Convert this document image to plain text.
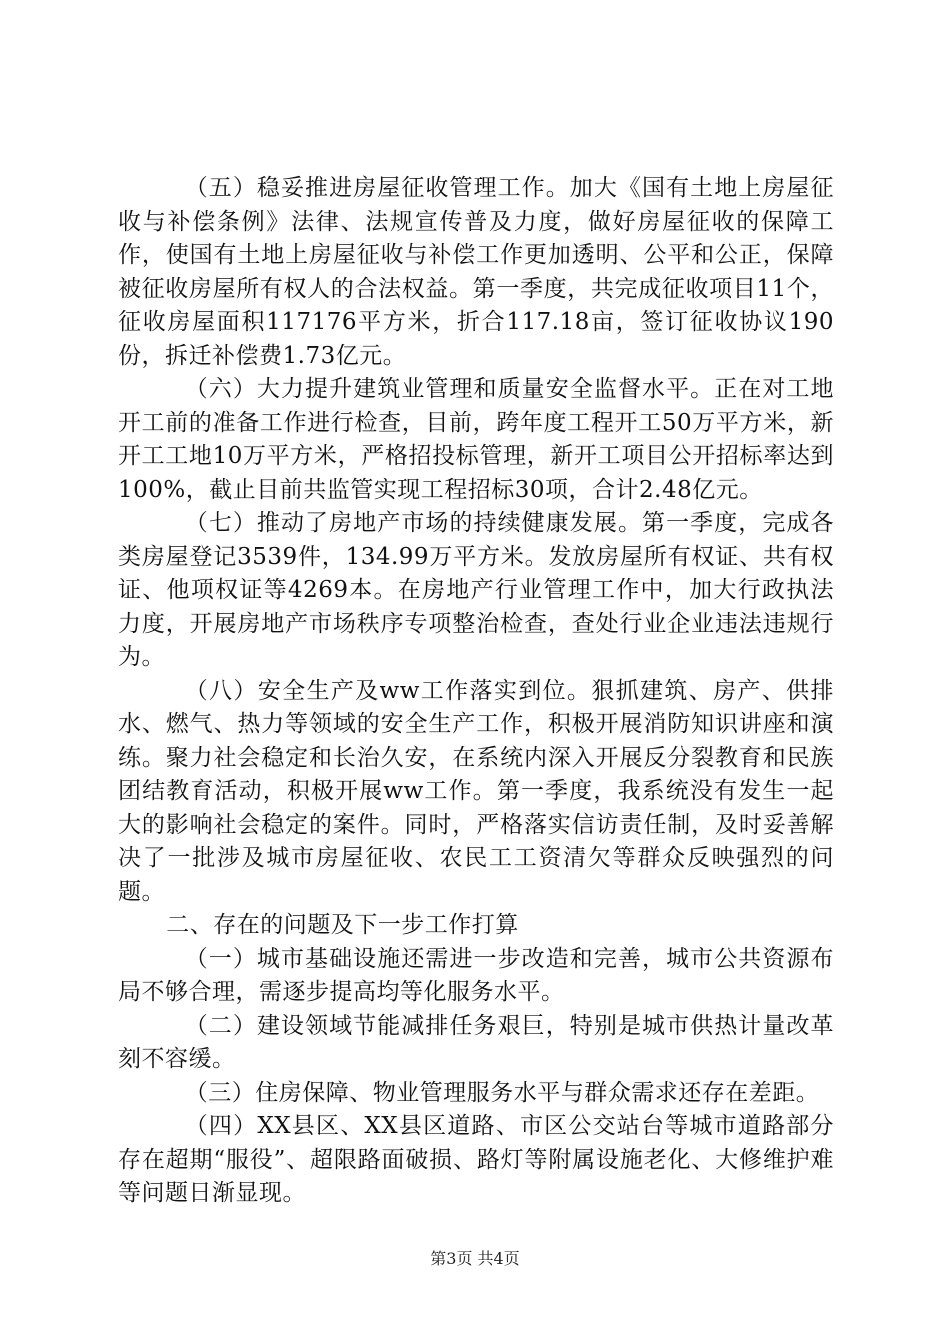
（五）稳妥推进房屋征收管理工作。加大《国有土地上房屋征收与补偿条例》法律、法规宣传普及力度，做好房屋征收的保障工作，使国有土地上房屋征收与补偿工作更加透明、公平和公正，保障被征收房屋所有权人的合法权益。第一季度，共完成征收项目11个，征收房屋面积117176平方米，折合117.18亩，签订征收协议190份，拆迁补偿费1.73亿元。

（六）大力提升建筑业管理和质量安全监督水平。正在对工地开工前的准备工作进行检查，目前，跨年度工程开工50万平方米，新开工工地10万平方米，严格招投标管理，新开工项目公开招标率达到100%，截止目前共监管实现工程招标30项，合计2.48亿元。

（七）推动了房地产市场的持续健康发展。第一季度，完成各类房屋登记3539件，134.99万平方米。发放房屋所有权证、共有权证、他项权证等4269本。在房地产行业管理工作中，加大行政执法力度，开展房地产市场秩序专项整治检查，查处行业企业违法违规行为。

（八）安全生产及ww工作落实到位。狠抓建筑、房产、供排水、燃气、热力等领域的安全生产工作，积极开展消防知识讲座和演练。聚力社会稳定和长治久安，在系统内深入开展反分裂教育和民族团结教育活动，积极开展ww工作。第一季度，我系统没有发生一起大的影响社会稳定的案件。同时，严格落实信访责任制，及时妥善解决了一批涉及城市房屋征收、农民工工资清欠等群众反映强烈的问题。

二、存在的问题及下一步工作打算

（一）城市基础设施还需进一步改造和完善，城市公共资源布局不够合理，需逐步提高均等化服务水平。

（二）建设领域节能减排任务艰巨，特别是城市供热计量改革刻不容缓。

（三）住房保障、物业管理服务水平与群众需求还存在差距。

（四）XX县区、XX县区道路、市区公交站台等城市道路部分存在超期“服役”、超限路面破损、路灯等附属设施老化、大修维护难等问题日渐显现。

第3页 共4页
